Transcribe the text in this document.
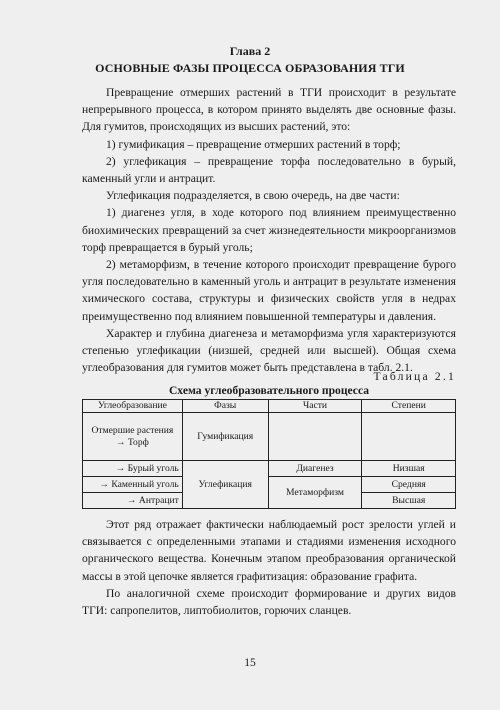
Глава 2
ОСНОВНЫЕ ФАЗЫ ПРОЦЕССА ОБРАЗОВАНИЯ ТГИ

Превращение отмерших растений в ТГИ происходит в результате непрерывного процесса, в котором принято выделять две основные фазы. Для гумитов, происходящих из высших растений, это:

1) гумификация – превращение отмерших растений в торф;

2) углефикация – превращение торфа последовательно в бурый, каменный угли и антрацит.

Углефикация подразделяется, в свою очередь, на две части:

1) диагенез угля, в ходе которого под влиянием преимущественно биохимических превращений за счет жизнедеятельности микроорганизмов торф превращается в бурый уголь;

2) метаморфизм, в течение которого происходит превращение бурого угля последовательно в каменный уголь и антрацит в результате изменения химического состава, структуры и физических свойств угля в недрах преимущественно под влиянием повышенной температуры и давления.

Характер и глубина диагенеза и метаморфизма угля характеризуются степенью углефикации (низшей, средней или высшей). Общая схема углеобразования для гумитов может быть представлена в табл. 2.1.

Таблица 2.1
Схема углеобразовательного процесса
Углеобразование	Фазы	Части	Степени
Отмершие растения → Торф	Гумификация		
→ Бурый уголь	Углефикация	Диагенез	Низшая
→ Каменный уголь		Метаморфизм	Средняя
→ Антрацит			Высшая

Этот ряд отражает фактически наблюдаемый рост зрелости углей и связывается с определенными этапами и стадиями изменения исходного органического вещества. Конечным этапом преобразования органической массы в этой цепочке является графитизация: образование графита.

По аналогичной схеме происходит формирование и других видов ТГИ: сапропелитов, липтобиолитов, горючих сланцев.

15
